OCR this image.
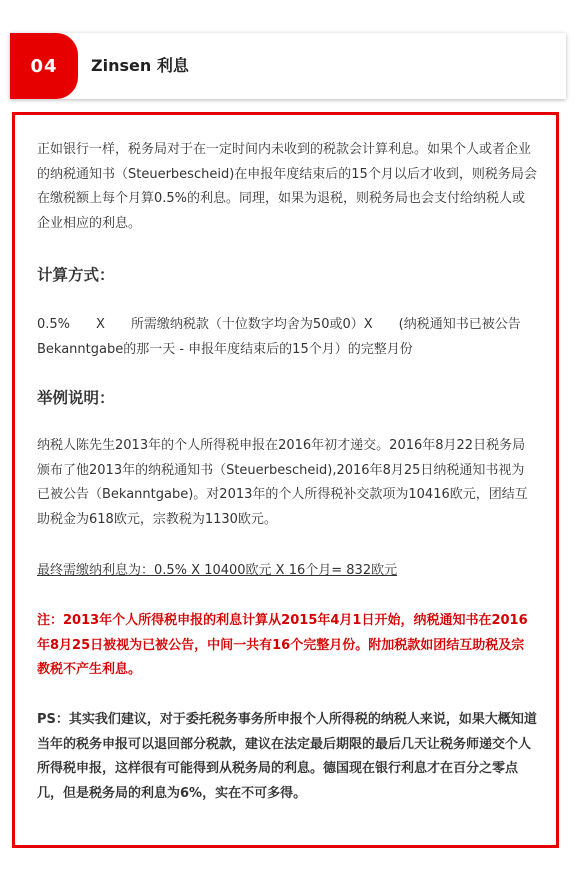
04	Zinsen 利息

正如银行一样，税务局对于在一定时间内未收到的税款会计算利息。如果个人或者企业的纳税通知书（Steuerbescheid)在申报年度结束后的15个月以后才收到，则税务局会在缴税额上每个月算0.5%的利息。同理，如果为退税，则税务局也会支付给纳税人或企业相应的利息。

计算方式：

0.5%　　X　　所需缴纳税款（十位数字均舍为50或0）X　　(纳税通知书已被公告Bekanntgabe的那一天 - 申报年度结束后的15个月）的完整月份

举例说明：

纳税人陈先生2013年的个人所得税申报在2016年初才递交。2016年8月22日税务局颁布了他2013年的纳税通知书（Steuerbescheid),2016年8月25日纳税通知书视为已被公告（Bekanntgabe)。对2013年的个人所得税补交款项为10416欧元，团结互助税金为618欧元，宗教税为1130欧元。

最终需缴纳利息为：0.5% X 10400欧元 X 16个月= 832欧元

注：2013年个人所得税申报的利息计算从2015年4月1日开始，纳税通知书在2016年8月25日被视为已被公告，中间一共有16个完整月份。附加税款如团结互助税及宗教税不产生利息。

PS：其实我们建议，对于委托税务事务所申报个人所得税的纳税人来说，如果大概知道当年的税务申报可以退回部分税款，建议在法定最后期限的最后几天让税务师递交个人所得税申报，这样很有可能得到从税务局的利息。德国现在银行利息才在百分之零点几，但是税务局的利息为6%，实在不可多得。
